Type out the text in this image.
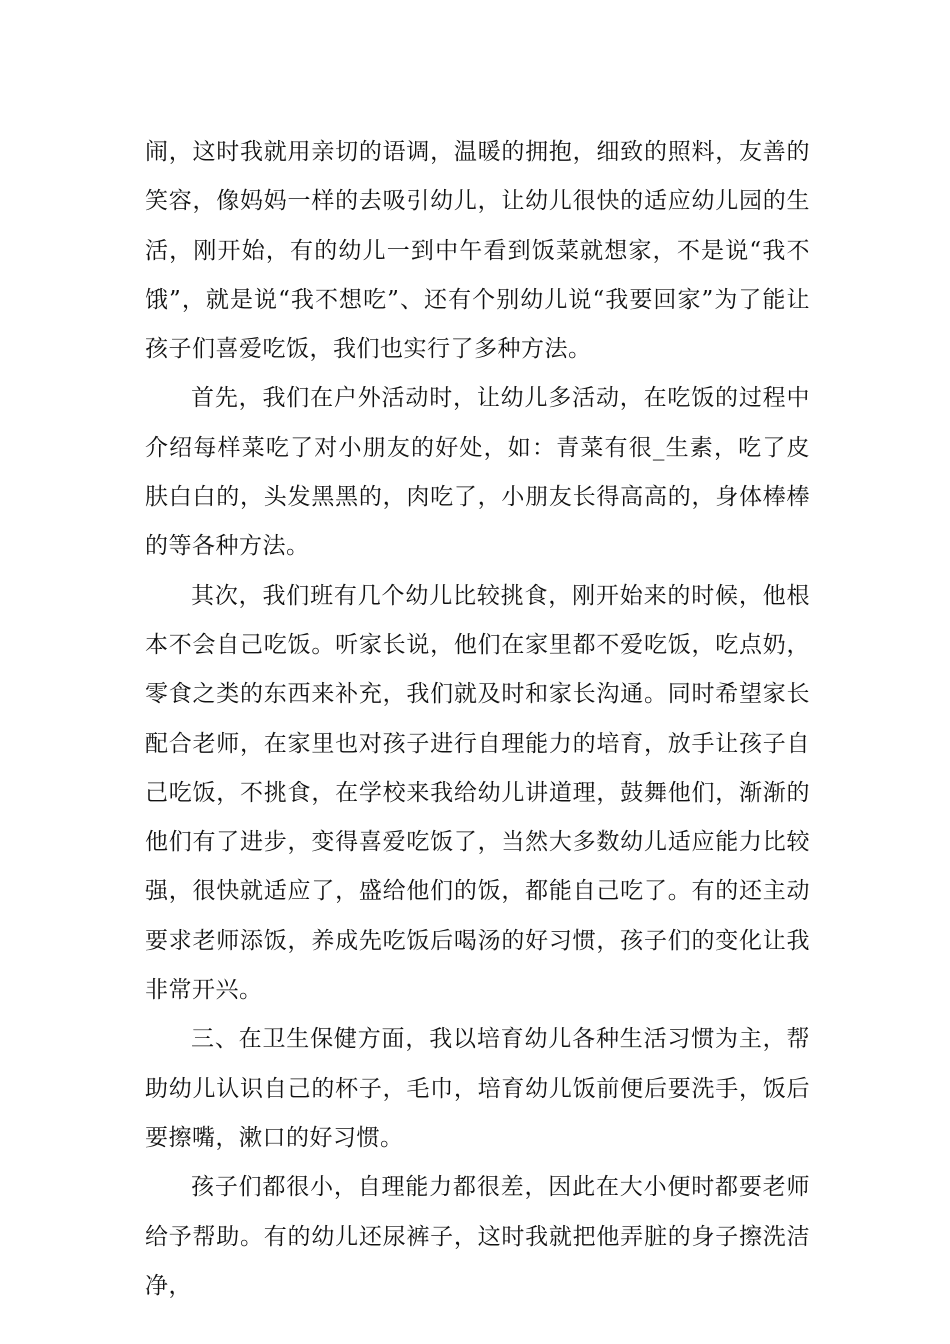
闹，这时我就用亲切的语调，温暖的拥抱，细致的照料，友善的笑容，像妈妈一样的去吸引幼儿，让幼儿很快的适应幼儿园的生活，刚开始，有的幼儿一到中午看到饭菜就想家，不是说“我不饿”，就是说“我不想吃”、还有个别幼儿说“我要回家”为了能让孩子们喜爱吃饭，我们也实行了多种方法。

首先，我们在户外活动时，让幼儿多活动，在吃饭的过程中介绍每样菜吃了对小朋友的好处，如：青菜有很_生素，吃了皮肤白白的，头发黑黑的，肉吃了，小朋友长得高高的，身体棒棒的等各种方法。

其次，我们班有几个幼儿比较挑食，刚开始来的时候，他根本不会自己吃饭。听家长说，他们在家里都不爱吃饭，吃点奶，零食之类的东西来补充，我们就及时和家长沟通。同时希望家长配合老师，在家里也对孩子进行自理能力的培育，放手让孩子自己吃饭，不挑食，在学校来我给幼儿讲道理，鼓舞他们，渐渐的他们有了进步，变得喜爱吃饭了，当然大多数幼儿适应能力比较强，很快就适应了，盛给他们的饭，都能自己吃了。有的还主动要求老师添饭，养成先吃饭后喝汤的好习惯，孩子们的变化让我非常开兴。

三、在卫生保健方面，我以培育幼儿各种生活习惯为主，帮助幼儿认识自己的杯子，毛巾，培育幼儿饭前便后要洗手，饭后要擦嘴，漱口的好习惯。

孩子们都很小，自理能力都很差，因此在大小便时都要老师给予帮助。有的幼儿还尿裤子，这时我就把他弄脏的身子擦洗洁净，
